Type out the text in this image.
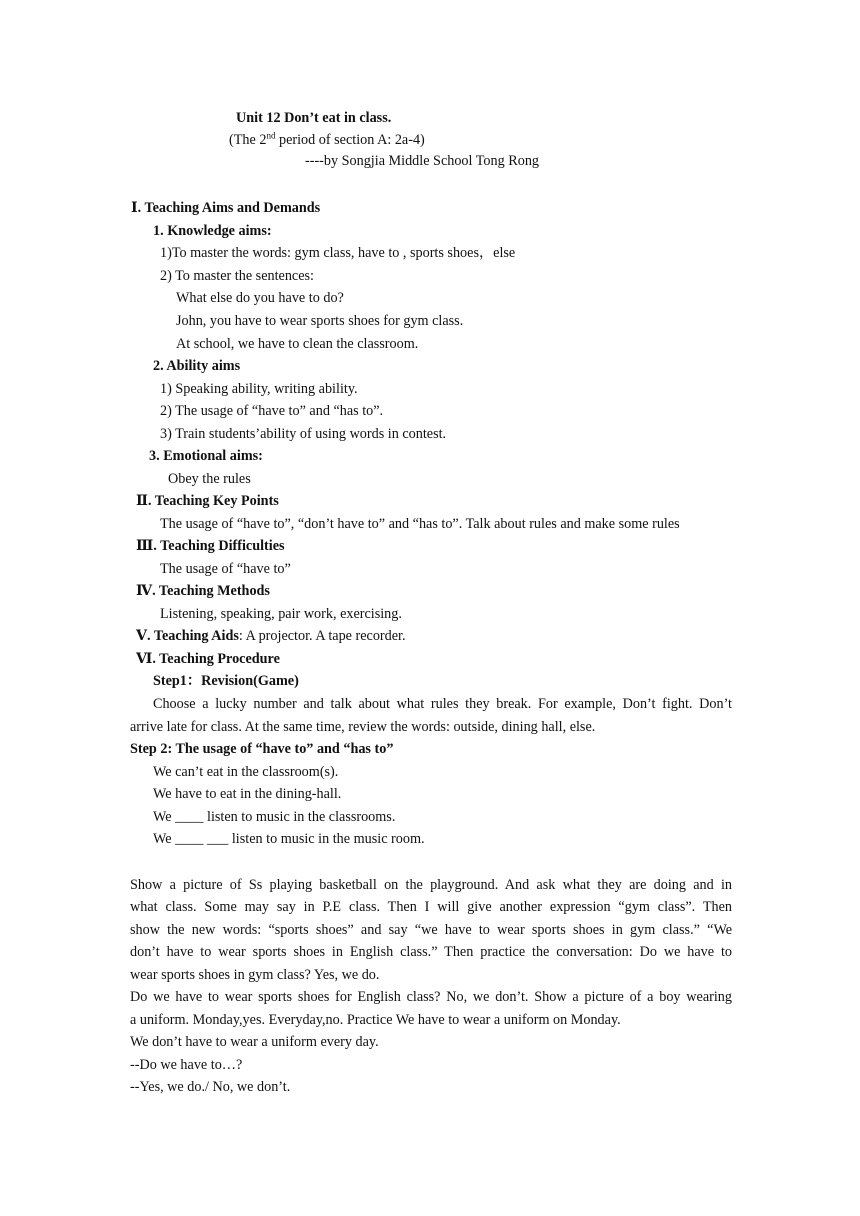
Unit 12 Don’t eat in class.
(The 2nd period of section A: 2a-4)
----by Songjia Middle School Tong Rong
Ⅰ. Teaching Aims and Demands
1. Knowledge aims:
1)To master the words: gym class, have to , sports shoes，else
2) To master the sentences:
What else do you have to do?
John, you have to wear sports shoes for gym class.
At school, we have to clean the classroom.
2. Ability aims
1) Speaking ability, writing ability.
2) The usage of “have to” and “has to”.
3) Train students’ability of using words in contest.
3. Emotional aims:
Obey the rules
Ⅱ. Teaching Key Points
The usage of “have to”, “don’t have to” and “has to”. Talk about rules and make some rules
Ⅲ. Teaching Difficulties
The usage of “have to”
Ⅳ. Teaching Methods
Listening, speaking, pair work, exercising.
Ⅴ. Teaching Aids: A projector. A tape recorder.
Ⅵ. Teaching Procedure
Step1：Revision(Game)
Choose a lucky number and talk about what rules they break. For example, Don’t fight. Don’t
arrive late for class. At the same time, review the words: outside, dining hall, else.
Step 2: The usage of “have to” and “has to”
We can’t eat in the classroom(s).
We have to eat in the dining-hall.
We ____ listen to music in the classrooms.
We ____ ___ listen to music in the music room.
Show a picture of Ss playing basketball on the playground. And ask what they are doing and in
what class. Some may say in P.E class. Then I will give another expression “gym class”. Then
show the new words: “sports shoes” and say “we have to wear sports shoes in gym class.” “We
don’t have to wear sports shoes in English class.” Then practice the conversation: Do we have to
wear sports shoes in gym class? Yes, we do.
Do we have to wear sports shoes for English class? No, we don’t. Show a picture of a boy wearing
a uniform. Monday,yes. Everyday,no. Practice We have to wear a uniform on Monday.
We don’t have to wear a uniform every day.
--Do we have to…?
--Yes, we do./ No, we don’t.
